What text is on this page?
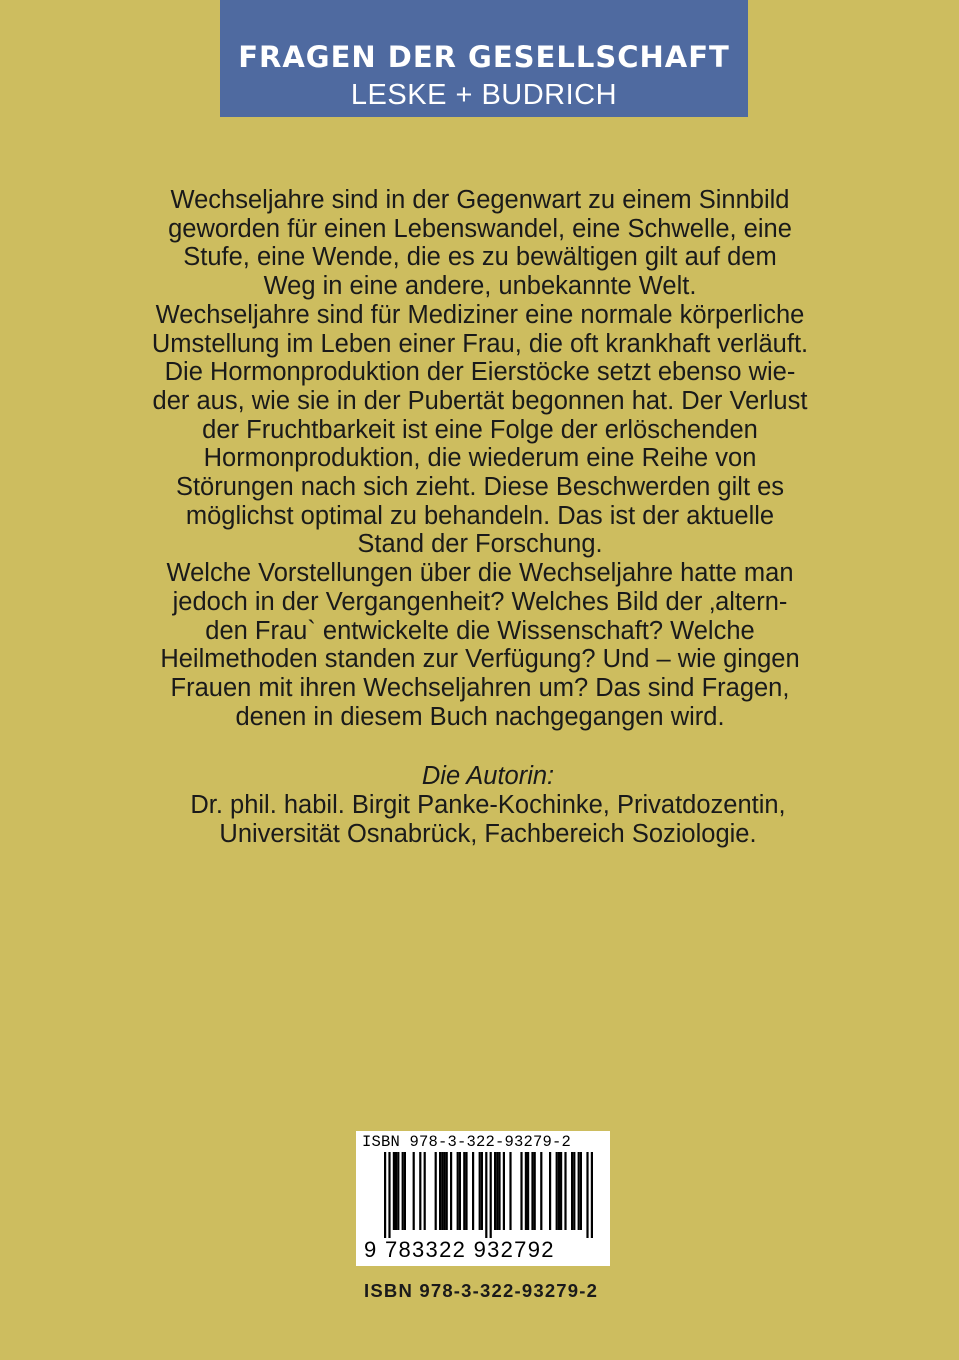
FRAGEN DER GESELLSCHAFT
LESKE + BUDRICH
Wechseljahre sind in der Gegenwart zu einem Sinnbild
geworden für einen Lebenswandel, eine Schwelle, eine
Stufe, eine Wende, die es zu bewältigen gilt auf dem
Weg in eine andere, unbekannte Welt.
Wechseljahre sind für Mediziner eine normale körperliche
Umstellung im Leben einer Frau, die oft krankhaft verläuft.
Die Hormonproduktion der Eierstöcke setzt ebenso wie-
der aus, wie sie in der Pubertät begonnen hat. Der Verlust
der Fruchtbarkeit ist eine Folge der erlöschenden
Hormonproduktion, die wiederum eine Reihe von
Störungen nach sich zieht. Diese Beschwerden gilt es
möglichst optimal zu behandeln. Das ist der aktuelle
Stand der Forschung.
Welche Vorstellungen über die Wechseljahre hatte man
jedoch in der Vergangenheit? Welches Bild der ‚altern-
den Frau` entwickelte die Wissenschaft? Welche
Heilmethoden standen zur Verfügung? Und – wie gingen
Frauen mit ihren Wechseljahren um? Das sind Fragen,
denen in diesem Buch nachgegangen wird.
Die Autorin:
Dr. phil. habil. Birgit Panke-Kochinke, Privatdozentin,
Universität Osnabrück, Fachbereich Soziologie.
ISBN 978-3-322-93279-2
9 783322 932792
ISBN 978-3-322-93279-2
